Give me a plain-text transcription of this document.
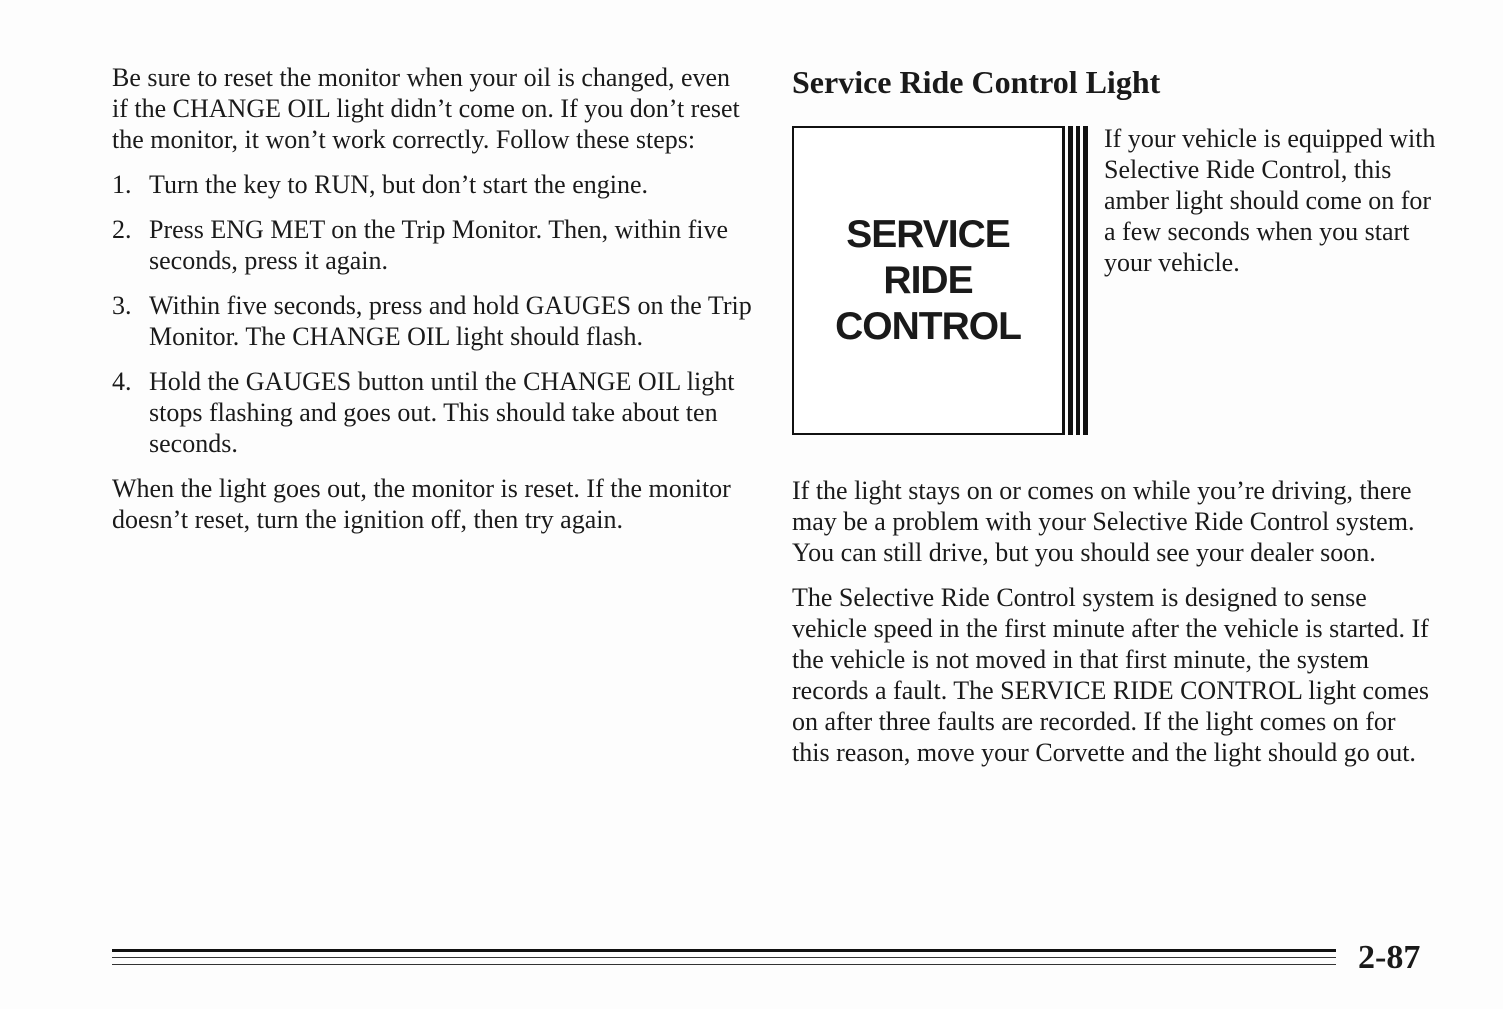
Be sure to reset the monitor when your oil is changed, even if the CHANGE OIL light didn’t come on. If you don’t reset the monitor, it won’t work correctly. Follow these steps:

1. Turn the key to RUN, but don’t start the engine.
2. Press ENG MET on the Trip Monitor. Then, within five seconds, press it again.
3. Within five seconds, press and hold GAUGES on the Trip Monitor. The CHANGE OIL light should flash.
4. Hold the GAUGES button until the CHANGE OIL light stops flashing and goes out. This should take about ten seconds.

When the light goes out, the monitor is reset. If the monitor doesn’t reset, turn the ignition off, then try again.

Service Ride Control Light
SERVICE
RIDE
CONTROL

If your vehicle is equipped with Selective Ride Control, this amber light should come on for a few seconds when you start your vehicle.

If the light stays on or comes on while you’re driving, there may be a problem with your Selective Ride Control system. You can still drive, but you should see your dealer soon.

The Selective Ride Control system is designed to sense vehicle speed in the first minute after the vehicle is started. If the vehicle is not moved in that first minute, the system records a fault. The SERVICE RIDE CONTROL light comes on after three faults are recorded. If the light comes on for this reason, move your Corvette and the light should go out.

2-87
